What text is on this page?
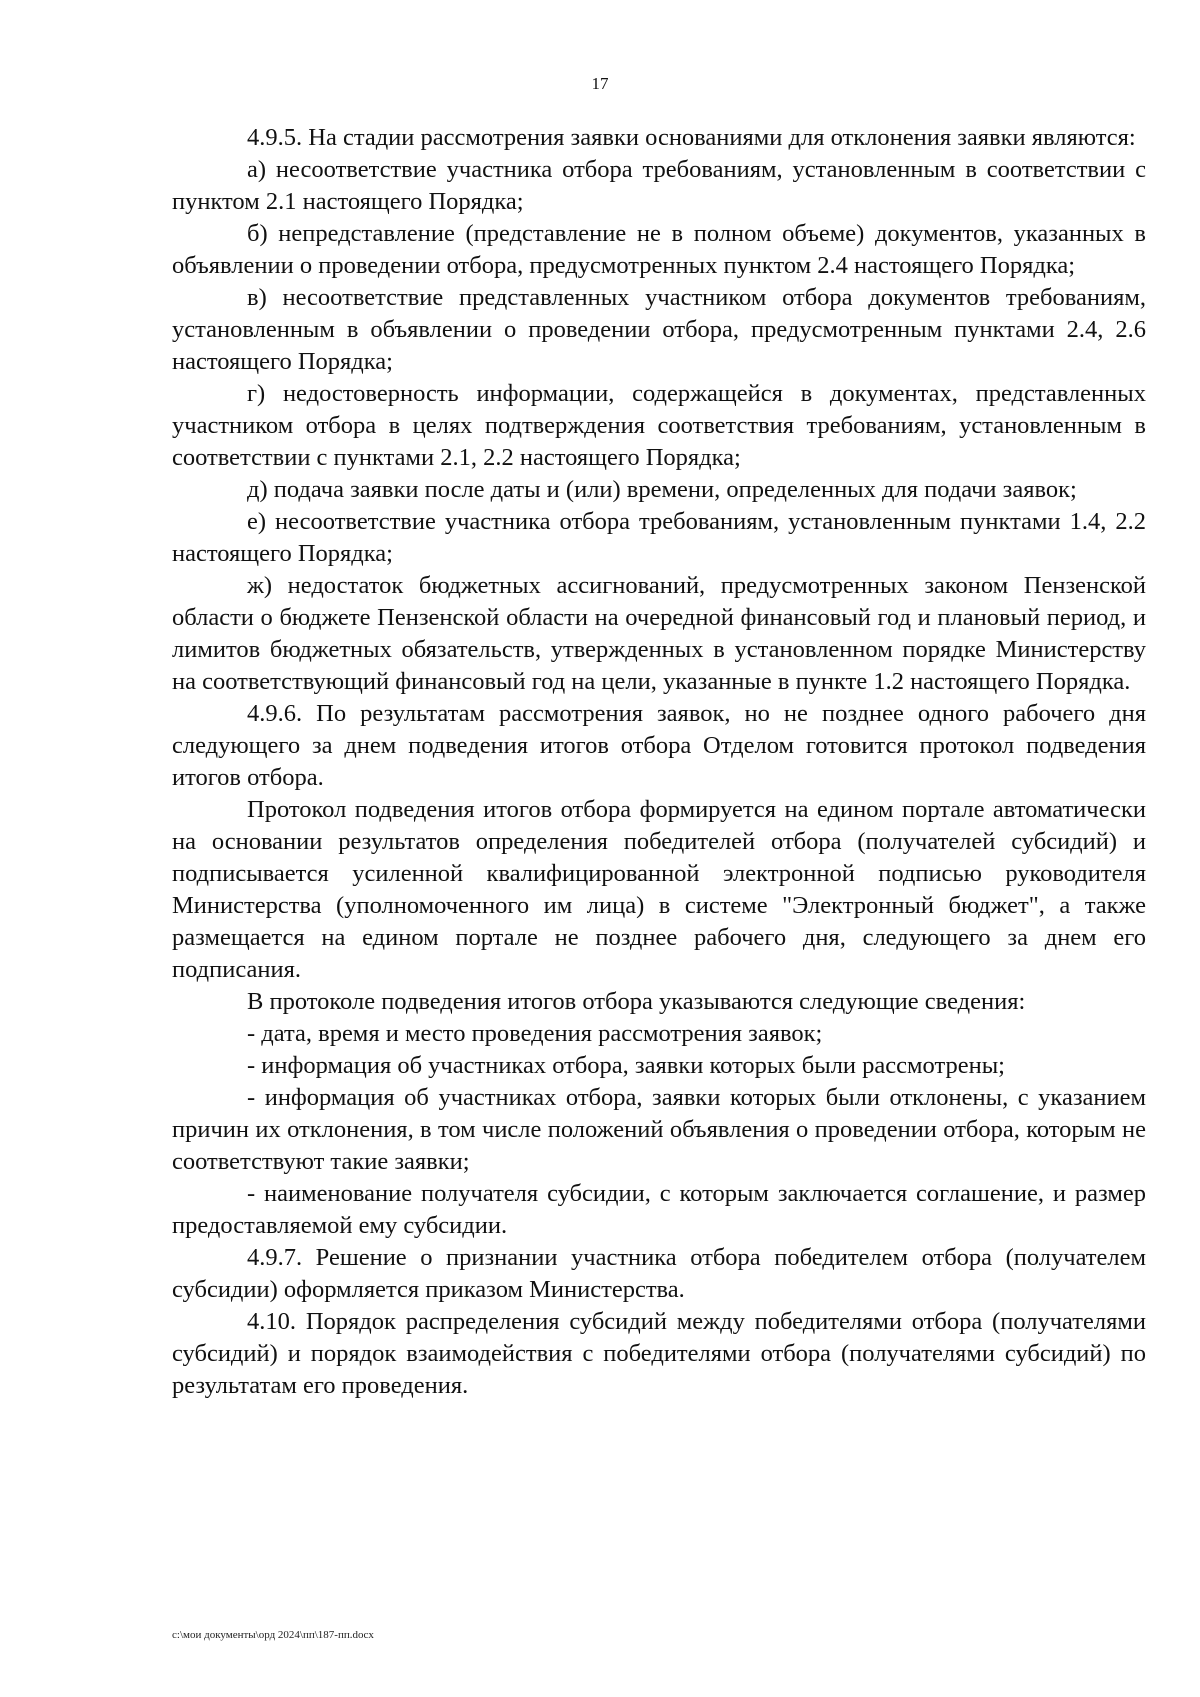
17

4.9.5. На стадии рассмотрения заявки основаниями для отклонения заявки являются:

а) несоответствие участника отбора требованиям, установленным в соответствии с пунктом 2.1 настоящего Порядка;

б) непредставление (представление не в полном объеме) документов, указанных в объявлении о проведении отбора, предусмотренных пунктом 2.4 настоящего Порядка;

в) несоответствие представленных участником отбора документов требованиям, установленным в объявлении о проведении отбора, предусмотренным пунктами 2.4, 2.6 настоящего Порядка;

г) недостоверность информации, содержащейся в документах, представленных участником отбора в целях подтверждения соответствия требованиям, установленным в соответствии с пунктами 2.1, 2.2 настоящего Порядка;

д) подача заявки после даты и (или) времени, определенных для подачи заявок;

е) несоответствие участника отбора требованиям, установленным пунктами 1.4, 2.2 настоящего Порядка;

ж) недостаток бюджетных ассигнований, предусмотренных законом Пензенской области о бюджете Пензенской области на очередной финансовый год и плановый период, и лимитов бюджетных обязательств, утвержденных в установленном порядке Министерству на соответствующий финансовый год на цели, указанные в пункте 1.2 настоящего Порядка.

4.9.6. По результатам рассмотрения заявок, но не позднее одного рабочего дня следующего за днем подведения итогов отбора Отделом готовится протокол подведения итогов отбора.

Протокол подведения итогов отбора формируется на едином портале автоматически на основании результатов определения победителей отбора (получателей субсидий) и подписывается усиленной квалифицированной электронной подписью руководителя Министерства (уполномоченного им лица) в системе "Электронный бюджет", а также размещается на едином портале не позднее рабочего дня, следующего за днем его подписания.

В протоколе подведения итогов отбора указываются следующие сведения:

- дата, время и место проведения рассмотрения заявок;

- информация об участниках отбора, заявки которых были рассмотрены;

- информация об участниках отбора, заявки которых были отклонены, с указанием причин их отклонения, в том числе положений объявления о проведении отбора, которым не соответствуют такие заявки;

- наименование получателя субсидии, с которым заключается соглашение, и размер предоставляемой ему субсидии.

4.9.7. Решение о признании участника отбора победителем отбора (получателем субсидии) оформляется приказом Министерства.

4.10. Порядок распределения субсидий между победителями отбора (получателями субсидий) и порядок взаимодействия с победителями отбора (получателями субсидий) по результатам его проведения.

c:\мои документы\орд 2024\пп\187-пп.docx
